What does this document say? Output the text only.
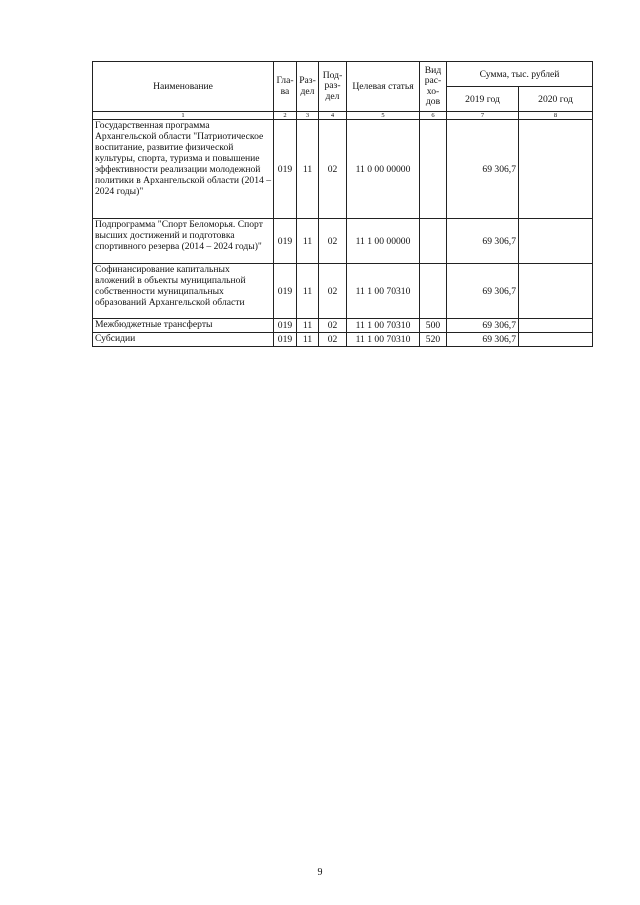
Наименование	Гла-ва	Раз-дел	Под-раз-дел	Целевая статья	Вид рас-хо-дов	Сумма, тыс. рублей	
						2019 год	2020 год
1	2	3	4	5	6	7	8
Государственная программа Архангельской области "Патриотическое воспитание, развитие физической культуры, спорта, туризма и повышение эффективности реализации молодежной политики в Архангельской области (2014 – 2024 годы)"	019	11	02	11 0 00 00000		69 306,7	
Подпрограмма "Спорт Беломорья. Спорт высших достижений и подготовка спортивного резерва (2014 – 2024 годы)"	019	11	02	11 1 00 00000		69 306,7	
Софинансирование капитальных вложений в объекты муниципальной собственности муниципальных образований Архангельской области	019	11	02	11 1 00 70310		69 306,7	
Межбюджетные трансферты	019	11	02	11 1 00 70310	500	69 306,7	
Субсидии	019	11	02	11 1 00 70310	520	69 306,7	
9
